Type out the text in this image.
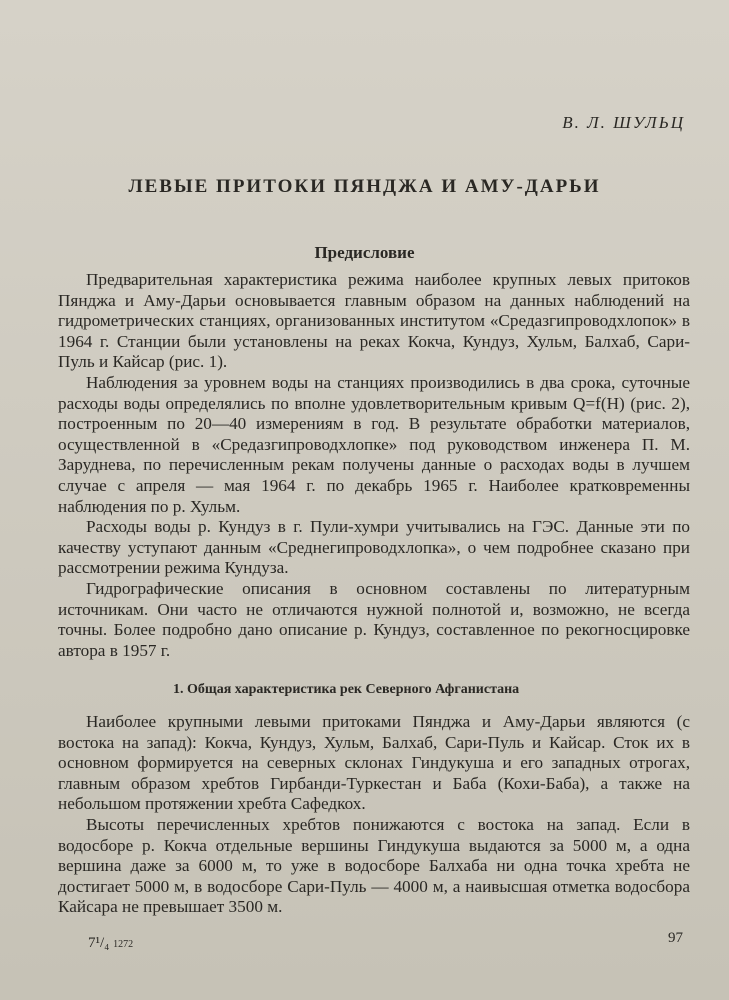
В. Л. ШУЛЬЦ
ЛЕВЫЕ ПРИТОКИ ПЯНДЖА И АМУ-ДАРЬИ
Предисловие

Предварительная характеристика режима наиболее крупных левых притоков Пянджа и Аму-Дарьи основывается главным образом на данных наблюдений на гидрометрических станциях, организованных институтом «Средазгипроводхлопок» в 1964 г. Станции были установлены на реках Кокча, Кундуз, Хульм, Балхаб, Сари-Пуль и Кайсар (рис. 1).

Наблюдения за уровнем воды на станциях производились в два срока, суточные расходы воды определялись по вполне удовлетворительным кривым Q=f(H) (рис. 2), построенным по 20—40 измерениям в год. В результате обработки материалов, осуществленной в «Средазгипроводхлопке» под руководством инженера П. М. Заруднева, по перечисленным рекам получены данные о расходах воды в лучшем случае с апреля — мая 1964 г. по декабрь 1965 г. Наиболее кратковременны наблюдения по р. Хульм.

Расходы воды р. Кундуз в г. Пули-хумри учитывались на ГЭС. Данные эти по качеству уступают данным «Среднегипроводхлопка», о чем подробнее сказано при рассмотрении режима Кундуза.

Гидрографические описания в основном составлены по литературным источникам. Они часто не отличаются нужной полнотой и, возможно, не всегда точны. Более подробно дано описание р. Кундуз, составленное по рекогносцировке автора в 1957 г.

1. Общая характеристика рек Северного Афганистана

Наиболее крупными левыми притоками Пянджа и Аму-Дарьи являются (с востока на запад): Кокча, Кундуз, Хульм, Балхаб, Сари-Пуль и Кайсар. Сток их в основном формируется на северных склонах Гиндукуша и его западных отрогах, главным образом хребтов Гирбанди-Туркестан и Баба (Кохи-Баба), а также на небольшом протяжении хребта Сафедкох.

Высоты перечисленных хребтов понижаются с востока на запад. Если в водосборе р. Кокча отдельные вершины Гиндукуша выдаются за 5000 м, а одна вершина даже за 6000 м, то уже в водосборе Балхаба ни одна точка хребта не достигает 5000 м, в водосборе Сари-Пуль — 4000 м, а наивысшая отметка водосбора Кайсара не превышает 3500 м.

7¹/₄ 1272	97
